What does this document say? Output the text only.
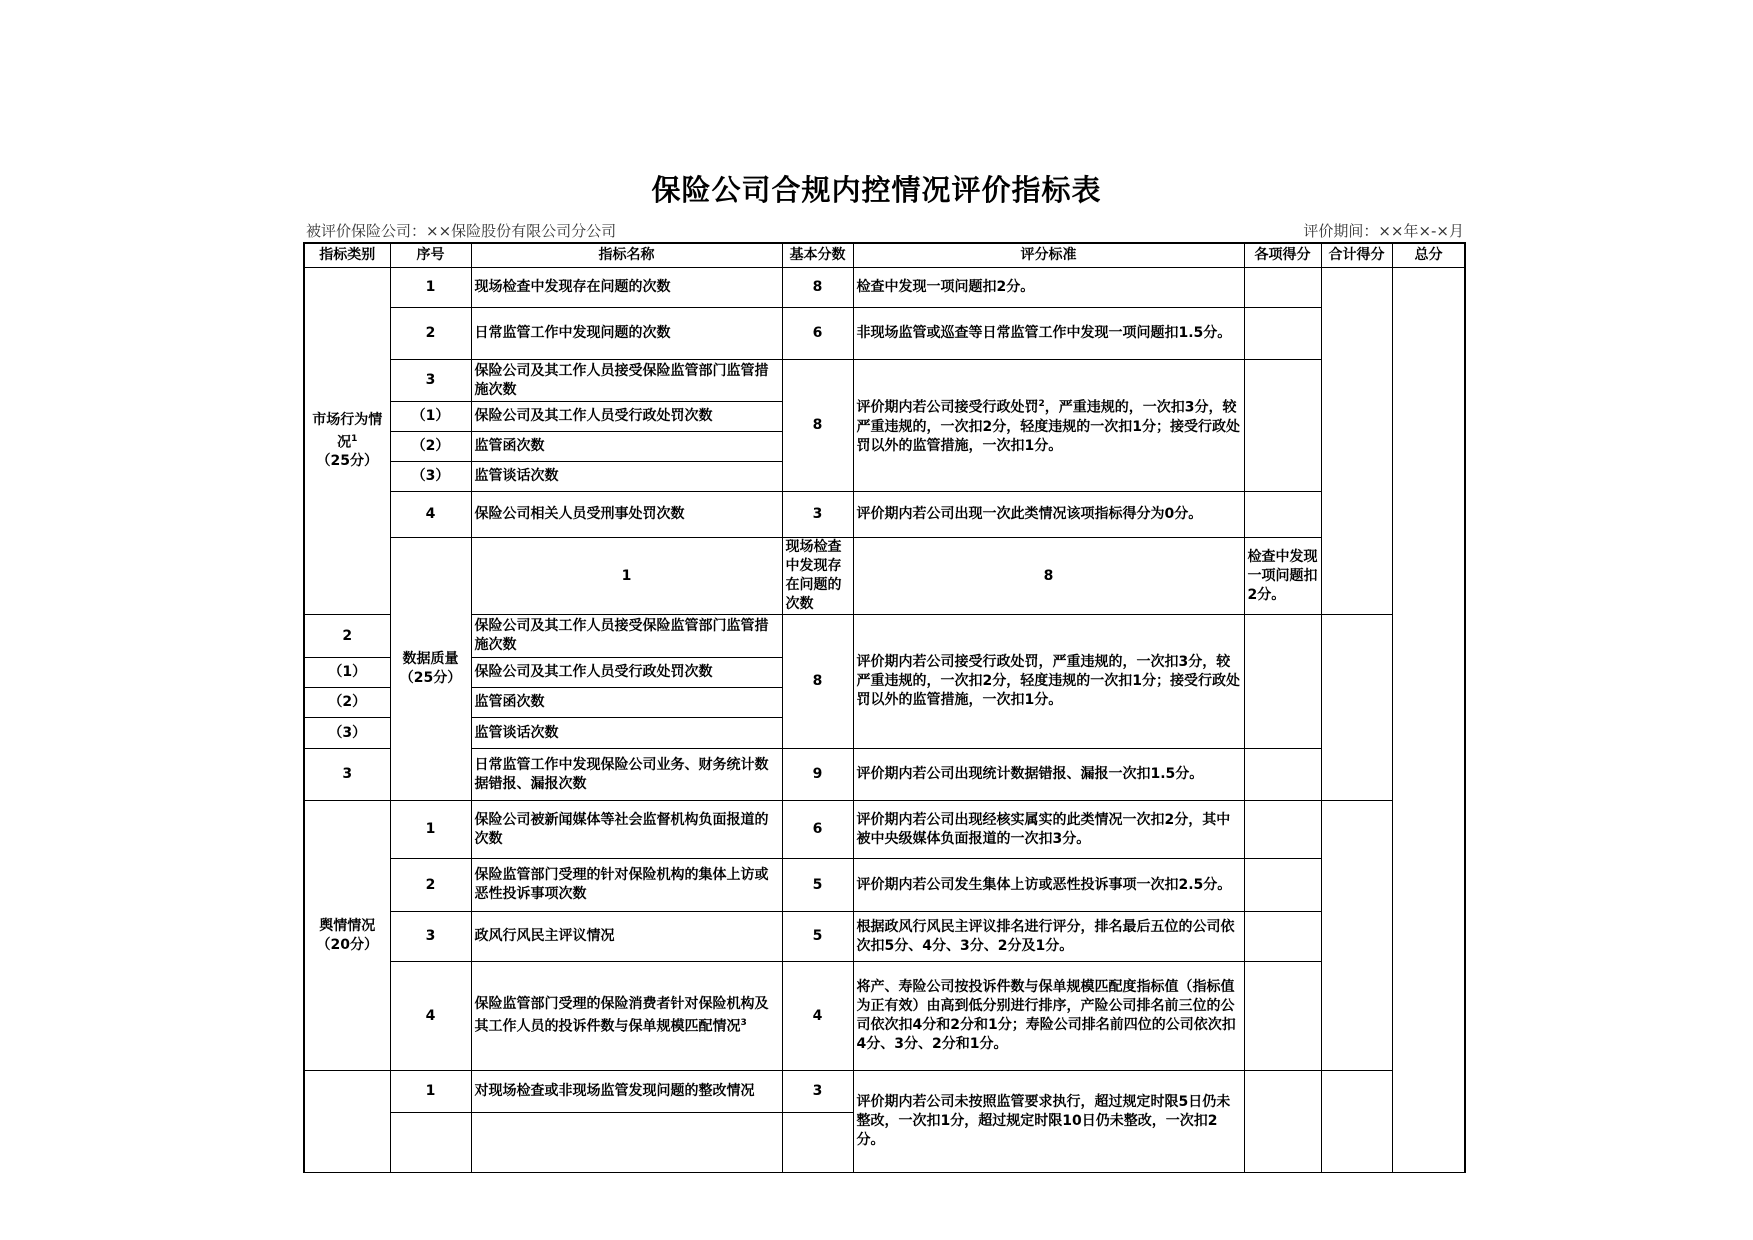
保险公司合规内控情况评价指标表
被评价保险公司：××保险股份有限公司分公司	评价期间：××年×-×月
指标类别	序号	指标名称	基本分数	评分标准	各项得分	合计得分	总分	
市场行为情况$^1$（25分）	1	现场检查中发现存在问题的次数	8	检查中发现一项问题扣2分。				
	2	日常监管工作中发现问题的次数	6	非现场监管或巡查等日常监管工作中发现一项问题扣1.5分。				
	3	保险公司及其工作人员接受保险监管部门监管措施次数	8	评价期内若公司接受行政处罚$^2$，严重违规的，一次扣3分，较严重违规的，一次扣2分，轻度违规的一次扣1分；接受行政处罚以外的监管措施，一次扣1分。				
	（1）	保险公司及其工作人员受行政处罚次数						
	（2）	监管函次数						
	（3）	监管谈话次数						
	4	保险公司相关人员受刑事处罚次数	3	评价期内若公司出现一次此类情况该项指标得分为0分。				
	数据质量（25分）	1	现场检查中发现存在问题的次数	8	检查中发现一项问题扣2分。			
2		保险公司及其工作人员接受保险监管部门监管措施次数	8	评价期内若公司接受行政处罚，严重违规的，一次扣3分，较严重违规的，一次扣2分，轻度违规的一次扣1分；接受行政处罚以外的监管措施，一次扣1分。				
（1）		保险公司及其工作人员受行政处罚次数						
（2）		监管函次数						
（3）		监管谈话次数						
3		日常监管工作中发现保险公司业务、财务统计数据错报、漏报次数	9	评价期内若公司出现统计数据错报、漏报一次扣1.5分。				
舆情情况（20分）	1	保险公司被新闻媒体等社会监督机构负面报道的次数	6	评价期内若公司出现经核实属实的此类情况一次扣2分，其中被中央级媒体负面报道的一次扣3分。				
	2	保险监管部门受理的针对保险机构的集体上访或恶性投诉事项次数	5	评价期内若公司发生集体上访或恶性投诉事项一次扣2.5分。				
	3	政风行风民主评议情况	5	根据政风行风民主评议排名进行评分，排名最后五位的公司依次扣5分、4分、3分、2分及1分。				
	4	保险监管部门受理的保险消费者针对保险机构及其工作人员的投诉件数与保单规模匹配情况$^3$	4	将产、寿险公司按投诉件数与保单规模匹配度指标值（指标值为正有效）由高到低分别进行排序，产险公司排名前三位的公司依次扣4分和2分和1分；寿险公司排名前四位的公司依次扣4分、3分、2分和1分。				
	1	对现场检查或非现场监管发现问题的整改情况	3	评价期内若公司未按照监管要求执行，超过规定时限5日仍未整改，一次扣1分，超过规定时限10日仍未整改，一次扣2分。				
